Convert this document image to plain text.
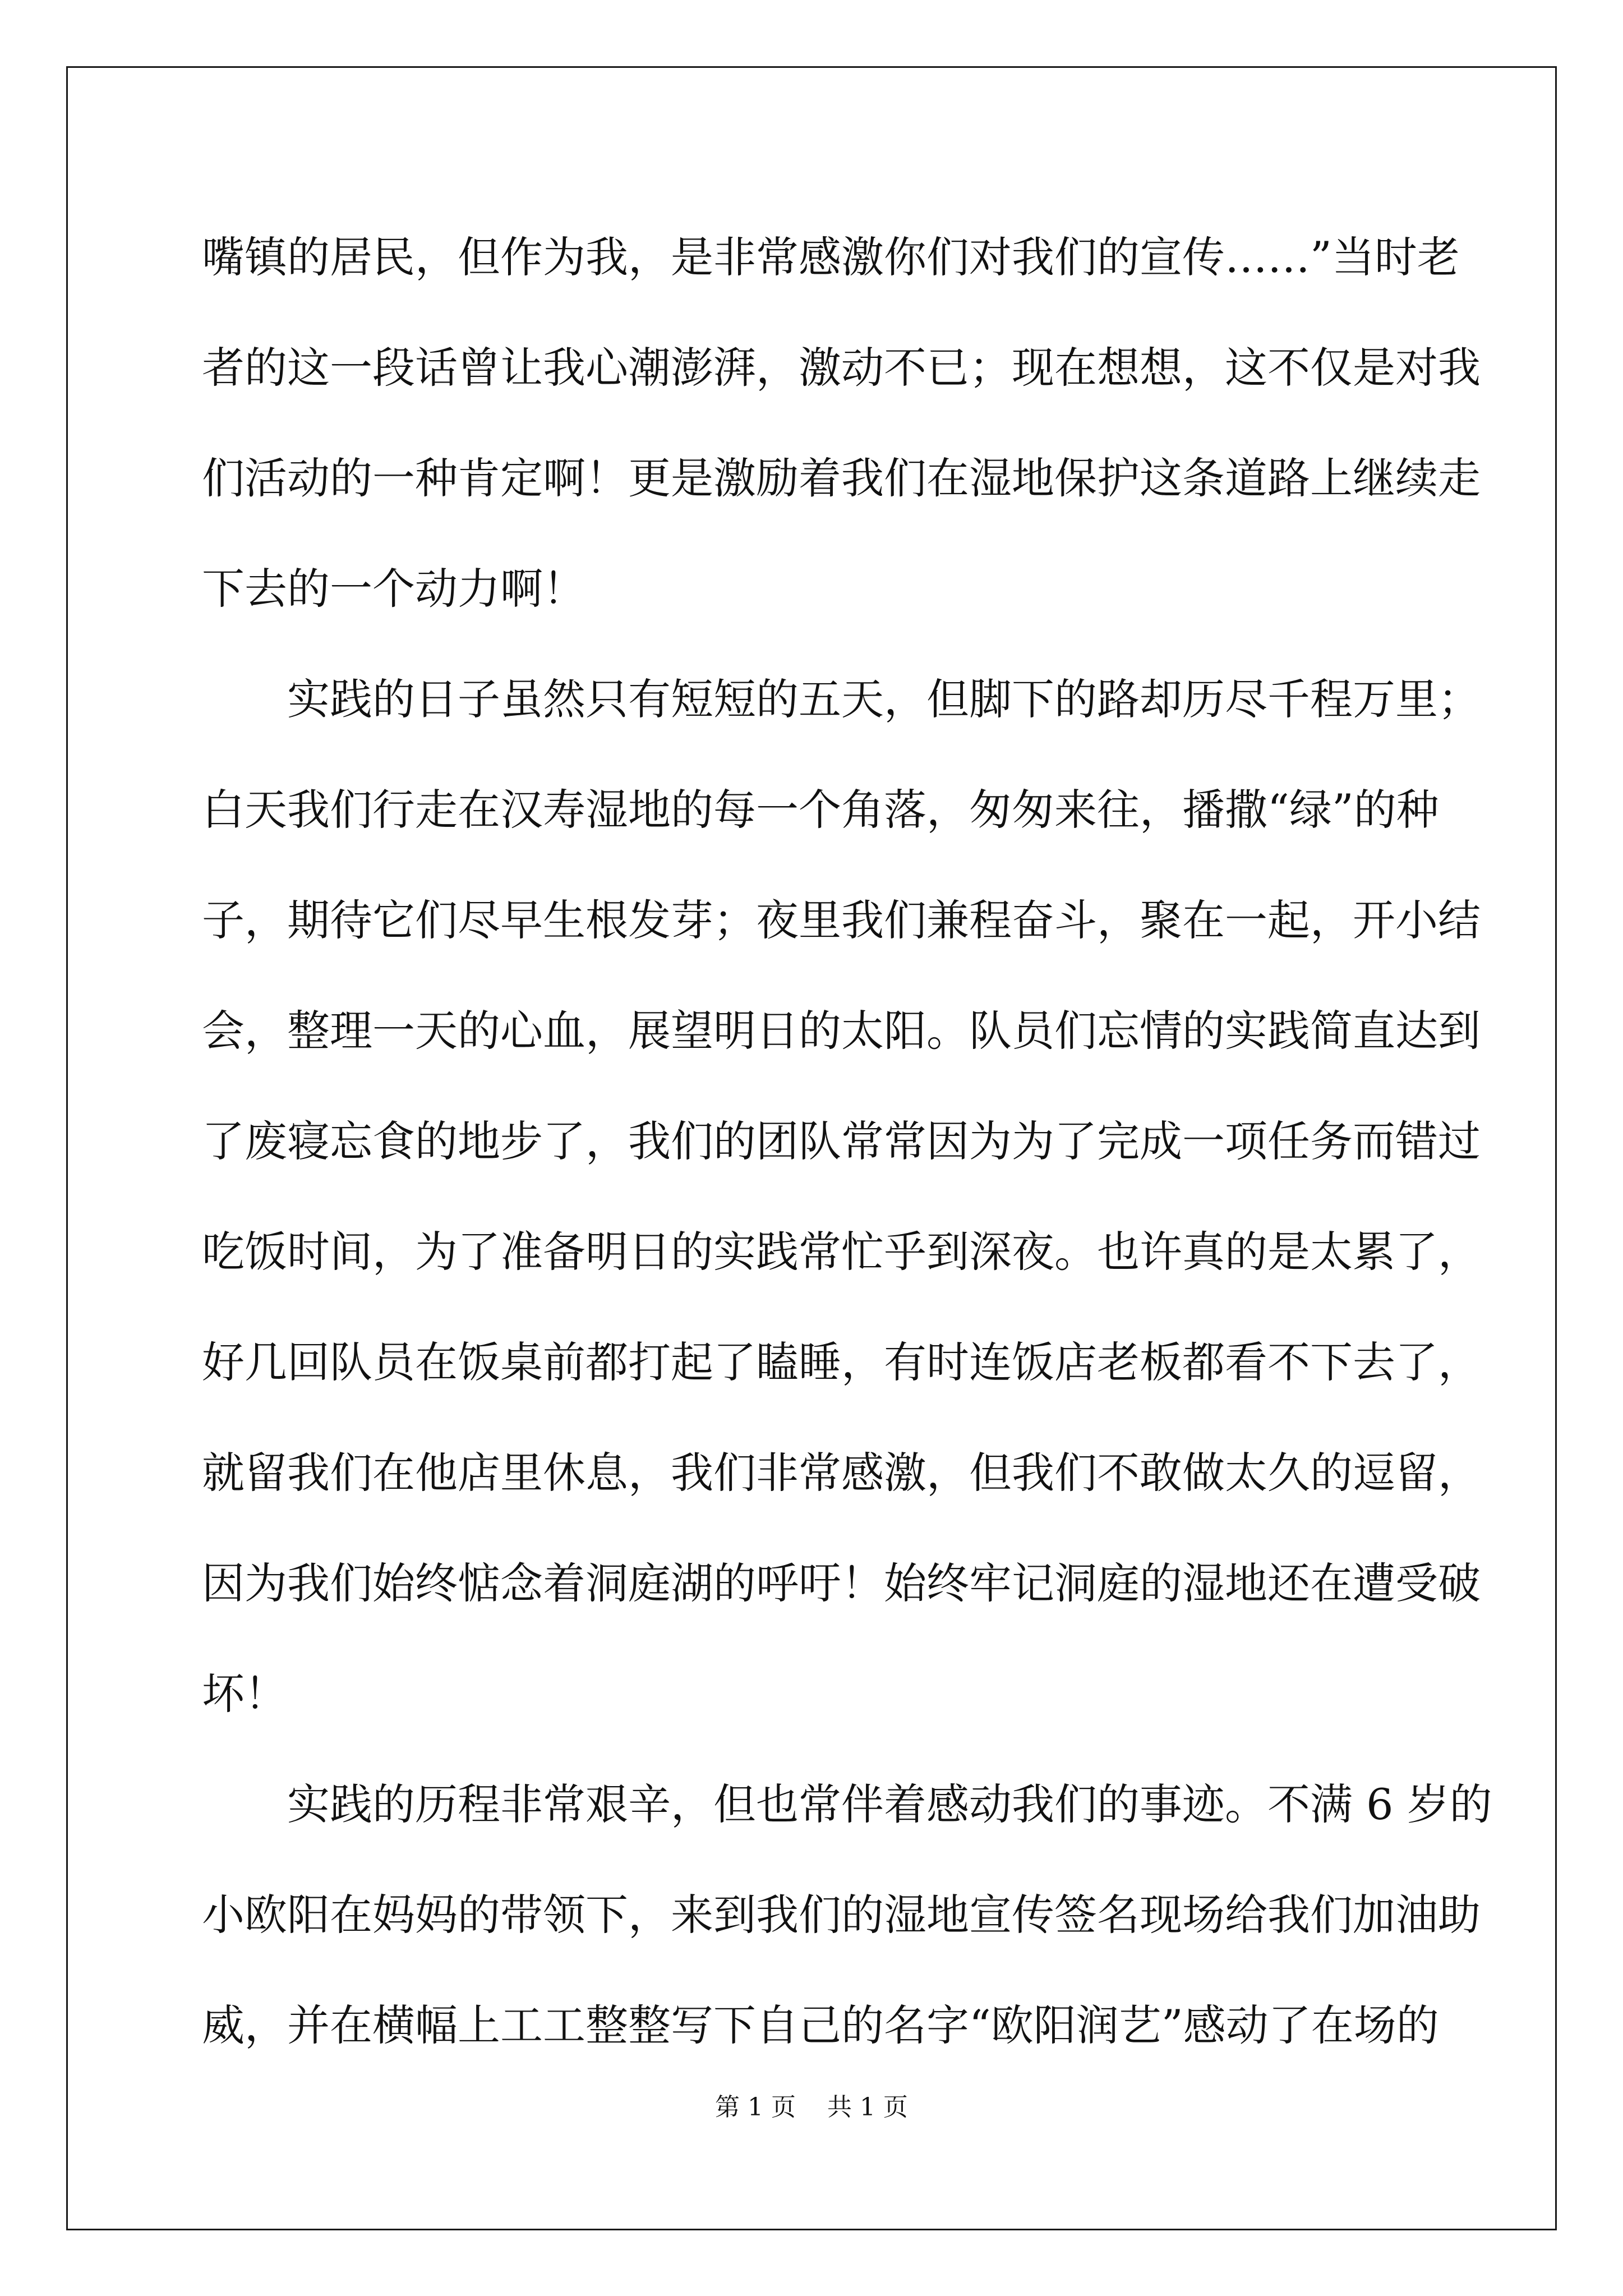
嘴镇的居民，但作为我，是非常感激你们对我们的宣传……”当时老
者的这一段话曾让我心潮澎湃，激动不已；现在想想，这不仅是对我
们活动的一种肯定啊！更是激励着我们在湿地保护这条道路上继续走
下去的一个动力啊！
实践的日子虽然只有短短的五天，但脚下的路却历尽千程万里；
白天我们行走在汉寿湿地的每一个角落，匆匆来往，播撒“绿”的种
子，期待它们尽早生根发芽；夜里我们兼程奋斗，聚在一起，开小结
会，整理一天的心血，展望明日的太阳。队员们忘情的实践简直达到
了废寝忘食的地步了，我们的团队常常因为为了完成一项任务而错过
吃饭时间，为了准备明日的实践常忙乎到深夜。也许真的是太累了，
好几回队员在饭桌前都打起了瞌睡，有时连饭店老板都看不下去了，
就留我们在他店里休息，我们非常感激，但我们不敢做太久的逗留，
因为我们始终惦念着洞庭湖的呼吁！始终牢记洞庭的湿地还在遭受破
坏！
实践的历程非常艰辛，但也常伴着感动我们的事迹。不满 6 岁的
小欧阳在妈妈的带领下，来到我们的湿地宣传签名现场给我们加油助
威，并在横幅上工工整整写下自己的名字“欧阳润艺”感动了在场的
第 1 页 共 1 页
